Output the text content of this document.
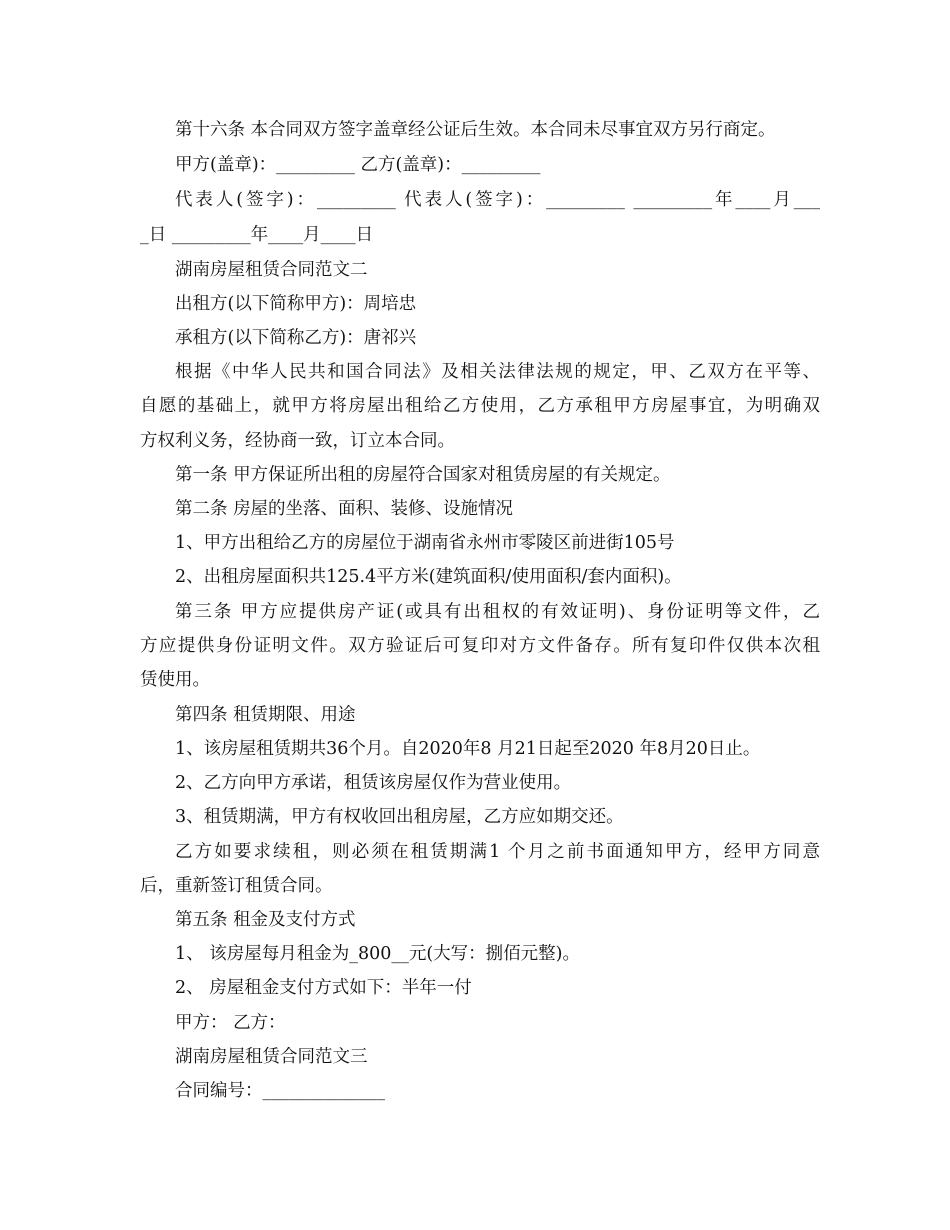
第十六条 本合同双方签字盖章经公证后生效。本合同未尽事宜双方另行商定。
甲方(盖章)：_________ 乙方(盖章)：_________
代表人(签字)：_________ 代表人(签字)：_________ _________年____月___
_日 _________年____月____日
湖南房屋租赁合同范文二
出租方(以下简称甲方)：周培忠
承租方(以下简称乙方)：唐祁兴
根据《中华人民共和国合同法》及相关法律法规的规定，甲、乙双方在平等、
自愿的基础上，就甲方将房屋出租给乙方使用，乙方承租甲方房屋事宜，为明确双
方权利义务，经协商一致，订立本合同。
第一条 甲方保证所出租的房屋符合国家对租赁房屋的有关规定。
第二条 房屋的坐落、面积、装修、设施情况
1、甲方出租给乙方的房屋位于湖南省永州市零陵区前进街105号
2、出租房屋面积共125.4平方米(建筑面积/使用面积/套内面积)。
第三条 甲方应提供房产证(或具有出租权的有效证明)、身份证明等文件，乙
方应提供身份证明文件。双方验证后可复印对方文件备存。所有复印件仅供本次租
赁使用。
第四条 租赁期限、用途
1、该房屋租赁期共36个月。自2020年8 月21日起至2020 年8月20日止。
2、乙方向甲方承诺，租赁该房屋仅作为营业使用。
3、租赁期满，甲方有权收回出租房屋，乙方应如期交还。
乙方如要求续租，则必须在租赁期满1 个月之前书面通知甲方，经甲方同意
后，重新签订租赁合同。
第五条 租金及支付方式
1、 该房屋每月租金为_800__元(大写：捌佰元整)。
2、 房屋租金支付方式如下：半年一付
甲方： 乙方：
湖南房屋租赁合同范文三
合同编号：______________
